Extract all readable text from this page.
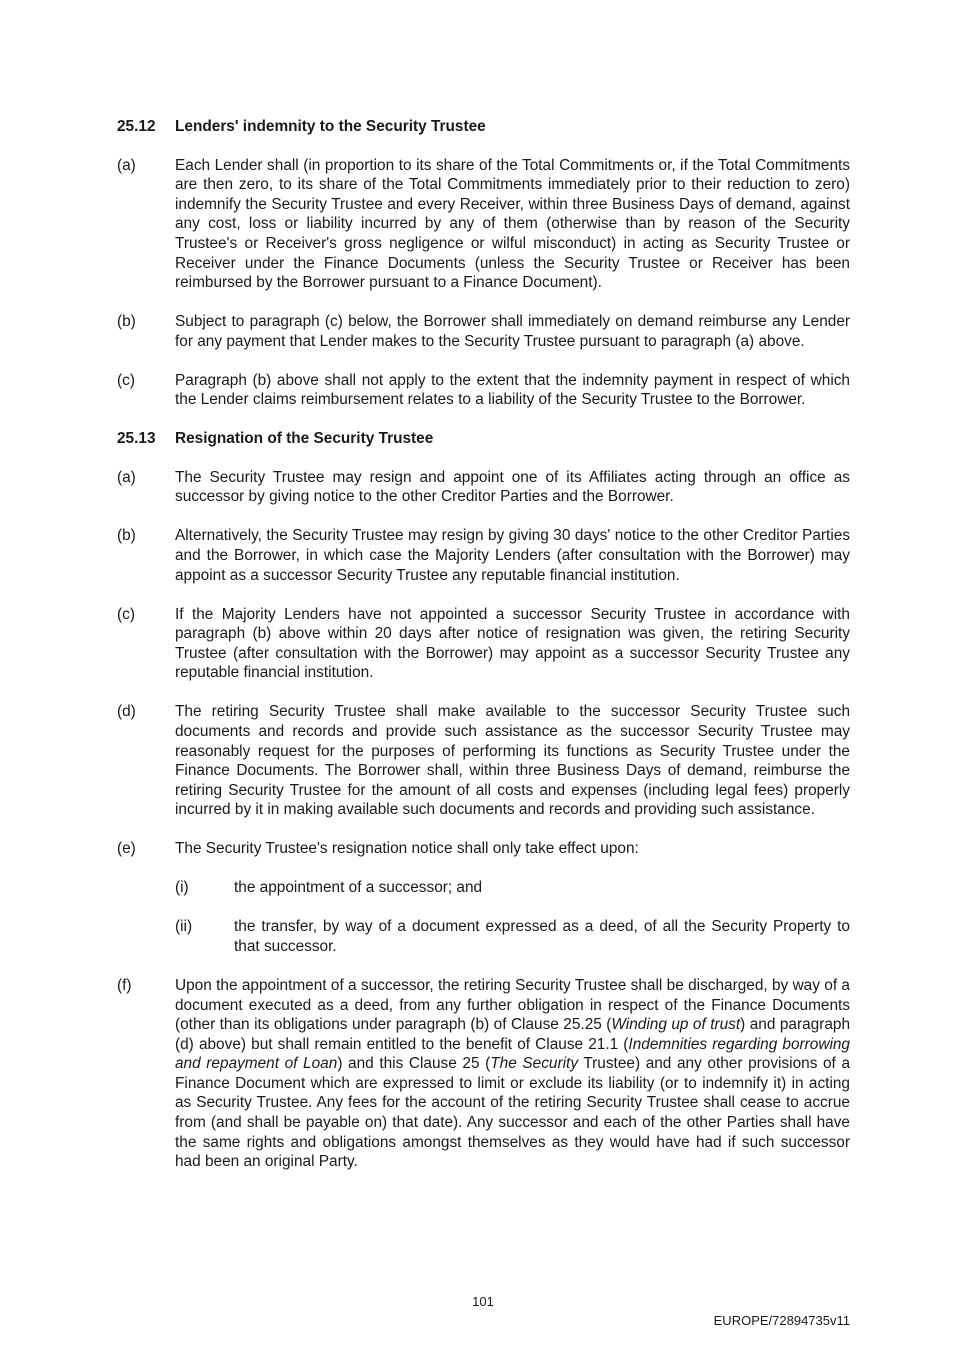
25.12	Lenders' indemnity to the Security Trustee
(a)	Each Lender shall (in proportion to its share of the Total Commitments or, if the Total Commitments are then zero, to its share of the Total Commitments immediately prior to their reduction to zero) indemnify the Security Trustee and every Receiver, within three Business Days of demand, against any cost, loss or liability incurred by any of them (otherwise than by reason of the Security Trustee's or Receiver's gross negligence or wilful misconduct) in acting as Security Trustee or Receiver under the Finance Documents (unless the Security Trustee or Receiver has been reimbursed by the Borrower pursuant to a Finance Document).
(b)	Subject to paragraph (c) below, the Borrower shall immediately on demand reimburse any Lender for any payment that Lender makes to the Security Trustee pursuant to paragraph (a) above.
(c)	Paragraph (b) above shall not apply to the extent that the indemnity payment in respect of which the Lender claims reimbursement relates to a liability of the Security Trustee to the Borrower.
25.13	Resignation of the Security Trustee
(a)	The Security Trustee may resign and appoint one of its Affiliates acting through an office as successor by giving notice to the other Creditor Parties and the Borrower.
(b)	Alternatively, the Security Trustee may resign by giving 30 days' notice to the other Creditor Parties and the Borrower, in which case the Majority Lenders (after consultation with the Borrower) may appoint as a successor Security Trustee any reputable financial institution.
(c)	If the Majority Lenders have not appointed a successor Security Trustee in accordance with paragraph (b) above within 20 days after notice of resignation was given, the retiring Security Trustee (after consultation with the Borrower) may appoint as a successor Security Trustee any reputable financial institution.
(d)	The retiring Security Trustee shall make available to the successor Security Trustee such documents and records and provide such assistance as the successor Security Trustee may reasonably request for the purposes of performing its functions as Security Trustee under the Finance Documents. The Borrower shall, within three Business Days of demand, reimburse the retiring Security Trustee for the amount of all costs and expenses (including legal fees) properly incurred by it in making available such documents and records and providing such assistance.
(e)	The Security Trustee's resignation notice shall only take effect upon:
(i)	the appointment of a successor; and
(ii)	the transfer, by way of a document expressed as a deed, of all the Security Property to that successor.
(f)	Upon the appointment of a successor, the retiring Security Trustee shall be discharged, by way of a document executed as a deed, from any further obligation in respect of the Finance Documents (other than its obligations under paragraph (b) of Clause 25.25 (Winding up of trust) and paragraph (d) above) but shall remain entitled to the benefit of Clause 21.1 (Indemnities regarding borrowing and repayment of Loan) and this Clause 25 (The Security Trustee) and any other provisions of a Finance Document which are expressed to limit or exclude its liability (or to indemnify it) in acting as Security Trustee. Any fees for the account of the retiring Security Trustee shall cease to accrue from (and shall be payable on) that date). Any successor and each of the other Parties shall have the same rights and obligations amongst themselves as they would have had if such successor had been an original Party.
101
EUROPE/72894735v11
